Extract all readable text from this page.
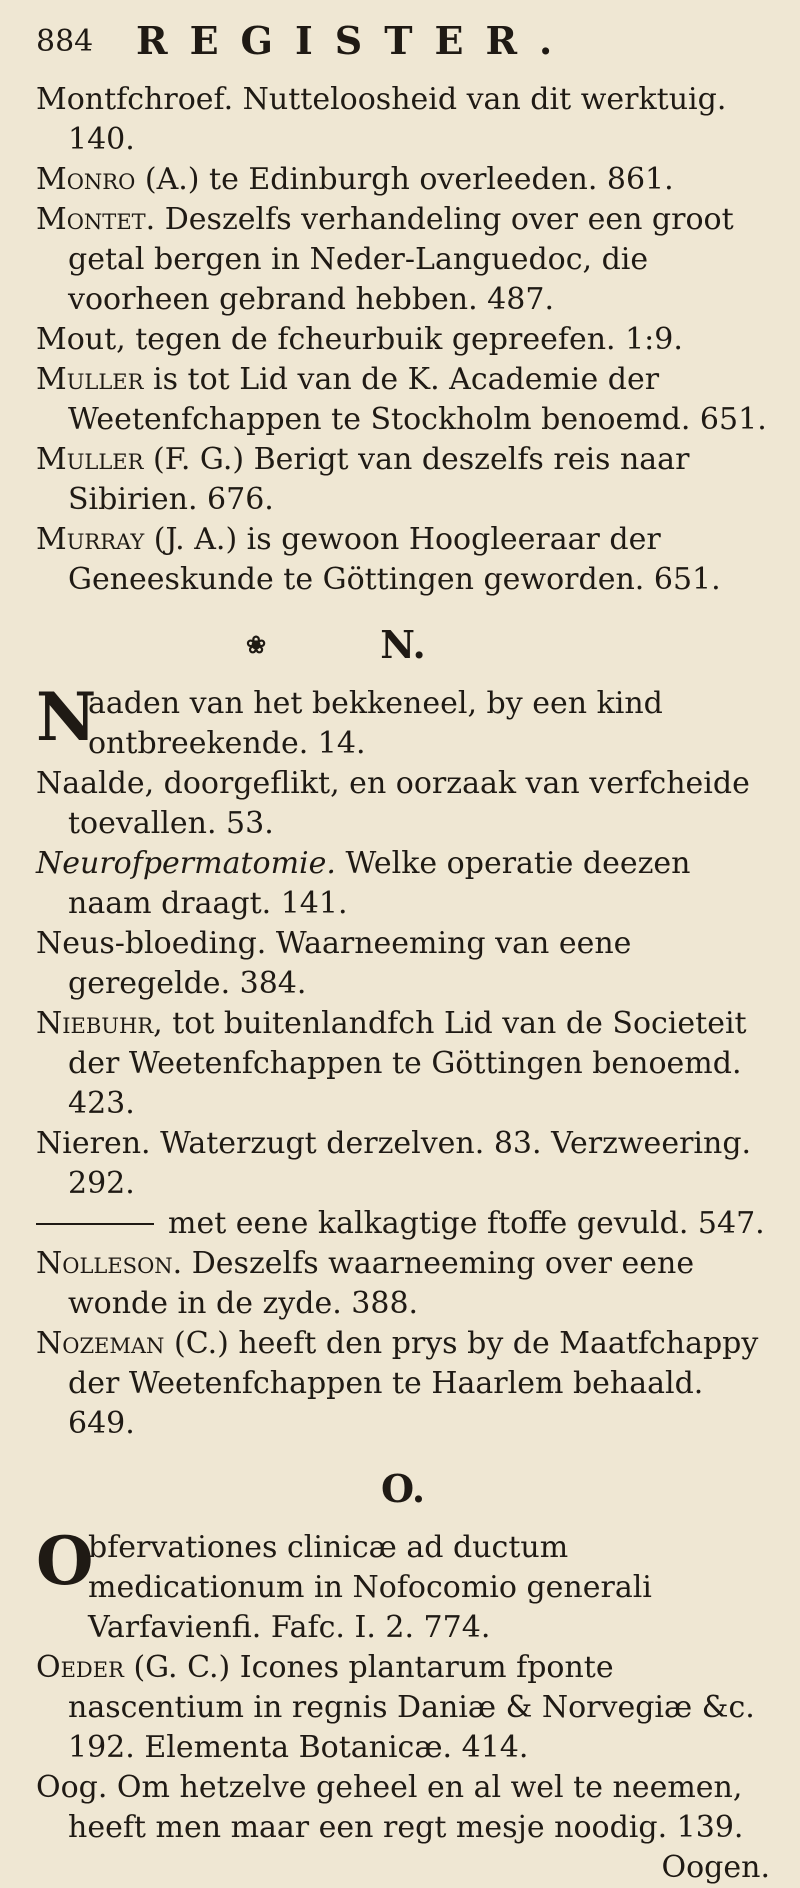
884 REGISTER.

Montfchroef. Nutteloosheid van dit werktuig. 140.

Monro (A.) te Edinburgh overleeden. 861.

Montet. Deszelfs verhandeling over een groot getal bergen in Neder-Languedoc, die voorheen gebrand hebben. 487.

Mout, tegen de fcheurbuik gepreefen. 1:9.

Muller is tot Lid van de K. Academie der Weetenfchappen te Stockholm benoemd. 651.

Muller (F. G.) Berigt van deszelfs reis naar Sibirien. 676.

Murray (J. A.) is gewoon Hoogleeraar der Geneeskunde te Göttingen geworden. 651.

❀	N.
N
aaden van het bekkeneel, by een kind ontbreekende. 14.

Naalde, doorgeflikt, en oorzaak van verfcheide toevallen. 53.

Neurofpermatomie. Welke operatie deezen naam draagt. 141.

Neus-bloeding. Waarneeming van eene geregelde. 384.

Niebuhr, tot buitenlandfch Lid van de Societeit der Weetenfchappen te Göttingen benoemd. 423.

Nieren. Waterzugt derzelven. 83. Verzweering. 292.

met eene kalkagtige ftoffe gevuld. 547.

Nolleson. Deszelfs waarneeming over eene wonde in de zyde. 388.

Nozeman (C.) heeft den prys by de Maatfchappy der Weetenfchappen te Haarlem behaald. 649.

O.
O
bfervationes clinicæ ad ductum medicationum in Nofocomio generali Varfavienfi. Fafc. I. 2. 774.

Oeder (G. C.) Icones plantarum fponte nascentium in regnis Daniæ & Norvegiæ &c. 192. Elementa Botanicæ. 414.

Oog. Om hetzelve geheel en al wel te neemen, heeft men maar een regt mesje noodig. 139.

Oogen.
